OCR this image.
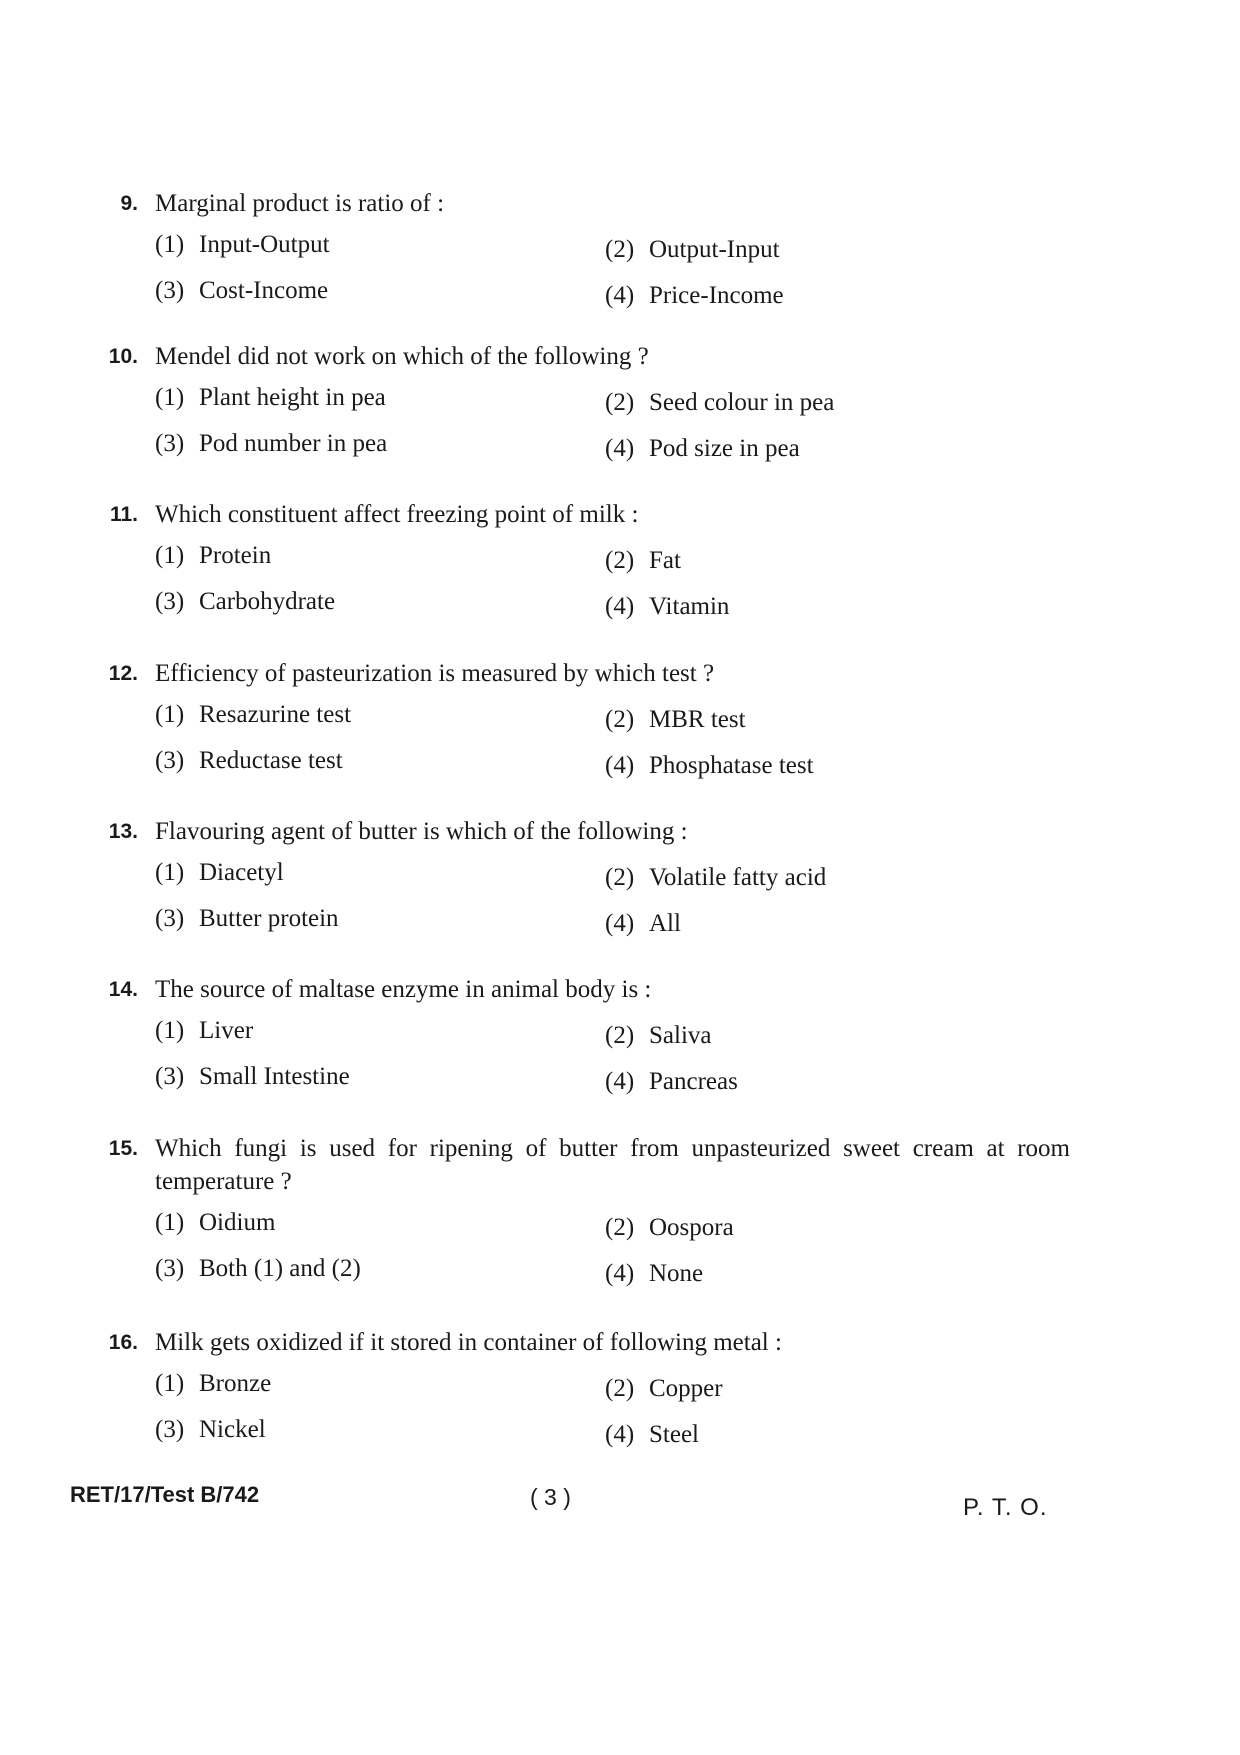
9. Marginal product is ratio of :
(1) Input-Output	(2) Output-Input
(3) Cost-Income	(4) Price-Income
10. Mendel did not work on which of the following ?
(1) Plant height in pea	(2) Seed colour in pea
(3) Pod number in pea	(4) Pod size in pea
11. Which constituent affect freezing point of milk :
(1) Protein	(2) Fat
(3) Carbohydrate	(4) Vitamin
12. Efficiency of pasteurization is measured by which test ?
(1) Resazurine test	(2) MBR test
(3) Reductase test	(4) Phosphatase test
13. Flavouring agent of butter is which of the following :
(1) Diacetyl	(2) Volatile fatty acid
(3) Butter protein	(4) All
14. The source of maltase enzyme in animal body is :
(1) Liver	(2) Saliva
(3) Small Intestine	(4) Pancreas
15. Which fungi is used for ripening of butter from unpasteurized sweet cream at room temperature ?
(1) Oidium	(2) Oospora
(3) Both (1) and (2)	(4) None
16. Milk gets oxidized if it stored in container of following metal :
(1) Bronze	(2) Copper
(3) Nickel	(4) Steel
RET/17/Test B/742	( 3 )	P. T. O.
